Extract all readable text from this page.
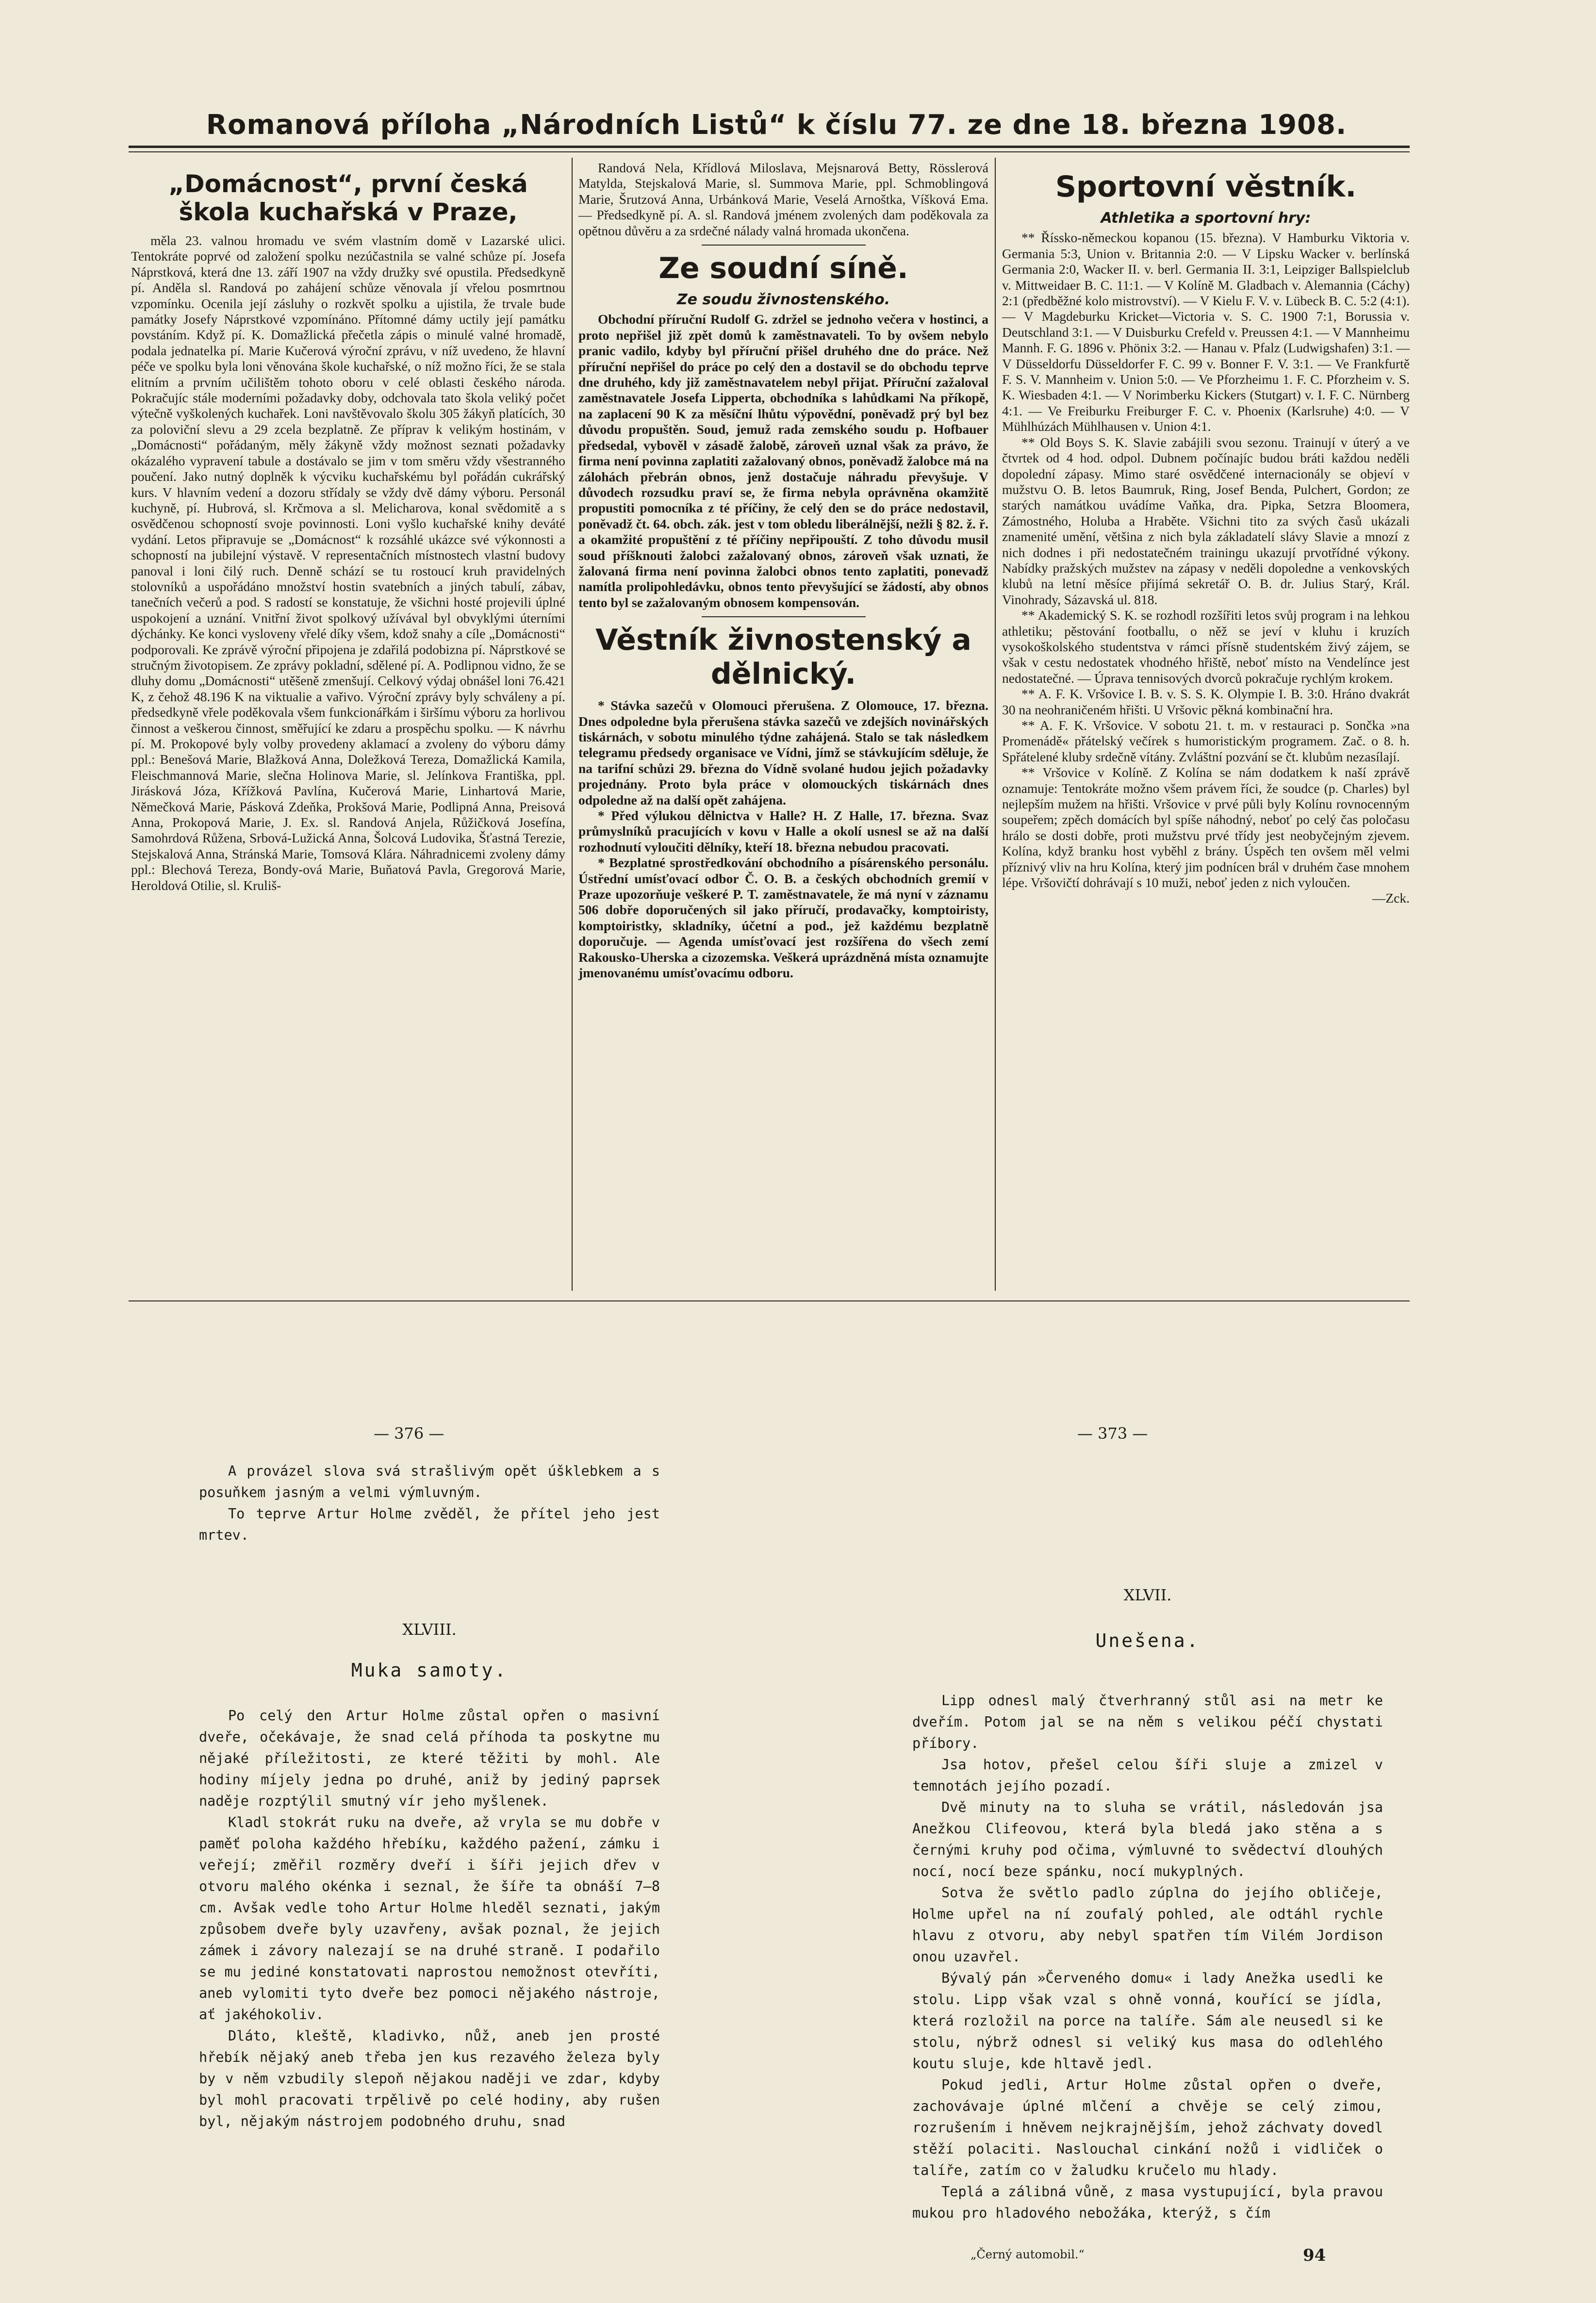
Romanová příloha „Národních Listů“ k číslu 77. ze dne 18. března 1908.
„Domácnost“, první česká škola kuchařská v Praze,

měla 23. valnou hromadu ve svém vlastním domě v Lazarské ulici. Tentokráte poprvé od založení spolku nezúčastnila se valné schůze pí. Josefa Náprstková, která dne 13. září 1907 na vždy družky své opustila. Předsedkyně pí. Anděla sl. Randová po zahájení schůze věnovala jí vřelou posmrtnou vzpomínku. Ocenila její zásluhy o rozkvět spolku a ujistila, že trvale bude památky Josefy Náprstkové vzpomínáno. Přítomné dámy uctily její památku povstáním. Když pí. K. Domažlická přečetla zápis o minulé valné hromadě, podala jednatelka pí. Marie Kučerová výroční zprávu, v níž uvedeno, že hlavní péče ve spolku byla loni věnována škole kuchařské, o níž možno říci, že se stala elitním a prvním učilištěm tohoto oboru v celé oblasti českého národa. Pokračujíc stále moderními požadavky doby, odchovala tato škola veliký počet výtečně vyškolených kuchařek. Loni navštěvovalo školu 305 žákyň platících, 30 za poloviční slevu a 29 zcela bezplatně. Ze příprav k velikým hostinám, v „Domácnosti“ pořádaným, měly žákyně vždy možnost seznati požadavky okázalého vypravení tabule a dostávalo se jim v tom směru vždy všestranného poučení. Jako nutný doplněk k výcviku kuchařskému byl pořádán cukrářský kurs. V hlavním vedení a dozoru střídaly se vždy dvě dámy výboru. Personál kuchyně, pí. Hubrová, sl. Krčmova a sl. Melicharova, konal svědomitě a s osvědčenou schopností svoje povinnosti. Loni vyšlo kuchařské knihy deváté vydání. Letos připravuje se „Domácnost“ k rozsáhlé ukázce své výkonnosti a schopností na jubilejní výstavě. V representačních místnostech vlastní budovy panoval i loni čilý ruch. Denně schází se tu rostoucí kruh pravidelných stolovníků a uspořádáno množství hostin svatebních a jiných tabulí, zábav, tanečních večerů a pod. S radostí se konstatuje, že všichni hosté projevili úplné uspokojení a uznání. Vnitřní život spolkový užívával byl obvyklými úterními dýchánky. Ke konci vysloveny vřelé díky všem, kdož snahy a cíle „Domácnosti“ podporovali. Ke zprávě výroční připojena je zdařilá podobizna pí. Náprstkové se stručným životopisem. Ze zprávy pokladní, sdělené pí. A. Podlipnou vidno, že se dluhy domu „Domácnosti“ utěšeně zmenšují. Celkový výdaj obnášel loni 76.421 K, z čehož 48.196 K na viktualie a vařivo. Výroční zprávy byly schváleny a pí. předsedkyně vřele poděkovala všem funkcionářkám i širšímu výboru za horlivou činnost a veškerou činnost, směřující ke zdaru a prospěchu spolku. — K návrhu pí. M. Prokopové byly volby provedeny aklamací a zvoleny do výboru dámy ppl.: Benešová Marie, Blažková Anna, Doležková Tereza, Domažlická Kamila, Fleischmannová Marie, slečna Holinova Marie, sl. Jelínkova Františka, ppl. Jirásková Józa, Křížková Pavlína, Kučerová Marie, Linhartová Marie, Němečková Marie, Pásková Zdeňka, Prokšová Marie, Podlipná Anna, Preisová Anna, Prokopová Marie, J. Ex. sl. Randová Anjela, Růžičková Josefína, Samohrdová Růžena, Srbová-Lužická Anna, Šolcová Ludovika, Šťastná Terezie, Stejskalová Anna, Stránská Marie, Tomsová Klára. Náhradnicemi zvoleny dámy ppl.: Blechová Tereza, Bondy-ová Marie, Buňatová Pavla, Gregorová Marie, Heroldová Otilie, sl. Kruliš-

Randová Nela, Křídlová Miloslava, Mejsnarová Betty, Rösslerová Matylda, Stejskalová Marie, sl. Summova Marie, ppl. Schmoblingová Marie, Šrutzová Anna, Urbánková Marie, Veselá Arnoštka, Víšková Ema. — Předsedkyně pí. A. sl. Randová jménem zvolených dam poděkovala za opětnou důvěru a za srdečné nálady valná hromada ukončena.

Ze soudní síně.
Ze soudu živnostenského.

Obchodní příruční Rudolf G. zdržel se jednoho večera v hostinci, a proto nepřišel již zpět domů k zaměstnavateli. To by ovšem nebylo pranic vadilo, kdyby byl příruční přišel druhého dne do práce. Než příruční nepřišel do práce po celý den a dostavil se do obchodu teprve dne druhého, kdy již zaměstnavatelem nebyl přijat. Příruční zažaloval zaměstnavatele Josefa Lipperta, obchodníka s lahůdkami Na příkopě, na zaplacení 90 K za měsíční lhůtu výpovědní, poněvadž prý byl bez důvodu propuštěn. Soud, jemuž rada zemského soudu p. Hofbauer předsedal, vybověl v zásadě žalobě, zároveň uznal však za právo, že firma není povinna zaplatiti zažalovaný obnos, poněvadž žalobce má na zálohách přebrán obnos, jenž dostačuje náhradu převyšuje. V důvodech rozsudku praví se, že firma nebyla oprávněna okamžitě propustiti pomocníka z té příčiny, že celý den se do práce nedostavil, poněvadž čt. 64. obch. zák. jest v tom obledu liberálnější, nežli § 82. ž. ř. a okamžité propuštění z té příčiny nepřipouští. Z toho důvodu musil soud příšknouti žalobci zažalovaný obnos, zároveň však uznati, že žalovaná firma není povinna žalobci obnos tento zaplatiti, ponevadž namítla prolipohledávku, obnos tento převyšující se žádostí, aby obnos tento byl se zažalovaným obnosem kompensován.

Věstník živnostenský a dělnický.

* Stávka sazečů v Olomouci přerušena. Z Olomouce, 17. března. Dnes odpoledne byla přerušena stávka sazečů ve zdejších novinářských tiskárnách, v sobotu minulého týdne zahájená. Stalo se tak následkem telegramu předsedy organisace ve Vídni, jímž se stávkujícím sděluje, že na tarifní schůzi 29. března do Vídně svolané hudou jejich požadavky projednány. Proto byla práce v olomouckých tiskárnách dnes odpoledne až na další opět zahájena.

* Před výlukou dělnictva v Halle? H. Z Halle, 17. března. Svaz průmyslníků pracujících v kovu v Halle a okolí usnesl se až na další rozhodnutí vyloučiti dělníky, kteří 18. března nebudou pracovati.

* Bezplatné sprostředkování obchodního a písárenského personálu. Ústřední umísťovací odbor Č. O. B. a českých obchodních gremií v Praze upozorňuje veškeré P. T. zaměstnavatele, že má nyní v záznamu 506 dobře doporučených sil jako příručí, prodavačky, komptoiristy, komptoiristky, skladníky, účetní a pod., jež každému bezplatně doporučuje. — Agenda umísťovací jest rozšířena do všech zemí Rakousko-Uherska a cizozemska. Veškerá uprázdněná místa oznamujte jmenovanému umísťovacímu odboru.

Sportovní věstník.
Athletika a sportovní hry:

** Říssko-německou kopanou (15. března). V Hamburku Viktoria v. Germania 5:3, Union v. Britannia 2:0. — V Lipsku Wacker v. berlínská Germania 2:0, Wacker II. v. berl. Germania II. 3:1, Leipziger Ballspielclub v. Mittweidaer B. C. 11:1. — V Kolíně M. Gladbach v. Alemannia (Cáchy) 2:1 (předběžné kolo mistrovství). — V Kielu F. V. v. Lübeck B. C. 5:2 (4:1). — V Magdeburku Kricket—Victoria v. S. C. 1900 7:1, Borussia v. Deutschland 3:1. — V Duisburku Crefeld v. Preussen 4:1. — V Mannheimu Mannh. F. G. 1896 v. Phönix 3:2. — Hanau v. Pfalz (Ludwigshafen) 3:1. — V Düsseldorfu Düsseldorfer F. C. 99 v. Bonner F. V. 3:1. — Ve Frankfurtě F. S. V. Mannheim v. Union 5:0. — Ve Pforzheimu 1. F. C. Pforzheim v. S. K. Wiesbaden 4:1. — V Norimberku Kickers (Stutgart) v. I. F. C. Nürnberg 4:1. — Ve Freiburku Freiburger F. C. v. Phoenix (Karlsruhe) 4:0. — V Mühlhúzách Mühlhausen v. Union 4:1.

** Old Boys S. K. Slavie zabájili svou sezonu. Trainují v úterý a ve čtvrtek od 4 hod. odpol. Dubnem počínajíc budou bráti každou neděli dopolední zápasy. Mimo staré osvědčené internacionály se objeví v mužstvu O. B. letos Baumruk, Ring, Josef Benda, Pulchert, Gordon; ze starých namátkou uvádíme Vaňka, dra. Pipka, Setzra Bloomera, Zámostného, Holuba a Hraběte. Všichni tito za svých časů ukázali znamenité umění, většina z nich byla základatelí slávy Slavie a mnozí z nich dodnes i při nedostatečném trainingu ukazují prvotřídné výkony. Nabídky pražských mužstev na zápasy v neděli dopoledne a venkovských klubů na letní měsíce přijímá sekretář O. B. dr. Julius Starý, Král. Vinohrady, Sázavská ul. 818.

** Akademický S. K. se rozhodl rozšířiti letos svůj program i na lehkou athletiku; pěstování footballu, o něž se jeví v kluhu i kruzích vysokoškolského studentstva v rámci přísně studentském živý zájem, se však v cestu nedostatek vhodného hřiště, neboť místo na Vendelínce jest nedostatečné. — Úprava tennisových dvorců pokračuje rychlým krokem.

** A. F. K. Vršovice I. B. v. S. S. K. Olympie I. B. 3:0. Hráno dvakrát 30 na neohraničeném hřišti. U Vršovic pěkná kombinační hra.

** A. F. K. Vršovice. V sobotu 21. t. m. v restauraci p. Sončka »na Promenádě« přátelský večírek s humoristickým programem. Zač. o 8. h. Spřátelené kluby srdečně vítány. Zvláštní pozvání se čt. klubům nezasílají.

** Vršovice v Kolíně. Z Kolína se nám dodatkem k naší zprávě oznamuje: Tentokráte možno všem právem říci, že soudce (p. Charles) byl nejlepším mužem na hřišti. Vršovice v prvé půli byly Kolínu rovnocenným soupeřem; zpěch domácích byl spíše náhodný, neboť po celý čas poločasu hrálo se dosti dobře, proti mužstvu prvé třídy jest neobyčejným zjevem. Kolína, když branku host vyběhl z brány. Úspěch ten ovšem měl velmi příznivý vliv na hru Kolína, který jim podnícen brál v druhém čase mnohem lépe. Vršovičtí dohrávají s 10 muži, neboť jeden z nich vyloučen.

—Zck.
— 376 —

A provázel slova svá strašlivým opět úšklebkem a s posuňkem jasným a velmi výmluvným.

To teprve Artur Holme zvěděl, že přítel jeho jest mrtev.

XLVIII.

Muka samoty.

Po celý den Artur Holme zůstal opřen o masivní dveře, očekávaje, že snad celá příhoda ta poskytne mu nějaké příležitosti, ze které těžiti by mohl. Ale hodiny míjely jedna po druhé, aniž by jediný paprsek naděje rozptýlil smutný vír jeho myšlenek.

Kladl stokrát ruku na dveře, až vryla se mu dobře v paměť poloha každého hřebíku, každého pažení, zámku i veřejí; změřil rozměry dveří i šíři jejich dřev v otvoru malého okénka i seznal, že šíře ta obnáší 7—8 cm. Avšak vedle toho Artur Holme hleděl seznati, jakým způsobem dveře byly uzavřeny, avšak poznal, že jejich zámek i závory nalezají se na druhé straně. I podařilo se mu jediné konstatovati naprostou nemožnost otevříti, aneb vylomiti tyto dveře bez pomoci nějakého nástroje, ať jakéhokoliv.

Dláto, kleště, kladivko, nůž, aneb jen prosté hřebík nějaký aneb třeba jen kus rezavého železa byly by v něm vzbudily slepoň nějakou naději ve zdar, kdyby byl mohl pracovati trpělivě po celé hodiny, aby rušen byl, nějakým nástrojem podobného druhu, snad

— 373 —

XLVII.

Unešena.

Lipp odnesl malý čtverhranný stůl asi na metr ke dveřím. Potom jal se na něm s velikou péčí chystati příbory.

Jsa hotov, přešel celou šíři sluje a zmizel v temnotách jejího pozadí.

Dvě minuty na to sluha se vrátil, následován jsa Anežkou Clifeovou, která byla bledá jako stěna a s černými kruhy pod očima, výmluvné to svědectví dlouhých nocí, nocí beze spánku, nocí mukyplných.

Sotva že světlo padlo zúplna do jejího obličeje, Holme upřel na ní zoufalý pohled, ale odtáhl rychle hlavu z otvoru, aby nebyl spatřen tím Vilém Jordison onou uzavřel.

Bývalý pán »Červeného domu« i lady Anežka usedli ke stolu. Lipp však vzal s ohně vonná, kouřící se jídla, která rozložil na porce na talíře. Sám ale neusedl si ke stolu, nýbrž odnesl si veliký kus masa do odlehlého koutu sluje, kde hltavě jedl.

Pokud jedli, Artur Holme zůstal opřen o dveře, zachovávaje úplné mlčení a chvěje se celý zimou, rozrušením i hněvem nejkrajnějším, jehož záchvaty dovedl stěží polaciti. Naslouchal cinkání nožů i vidliček o talíře, zatím co v žaludku kručelo mu hlady.

Teplá a zálibná vůně, z masa vystupující, byla pravou mukou pro hladového nebožáka, kterýž, s čím

„Černý automobil.“	94
